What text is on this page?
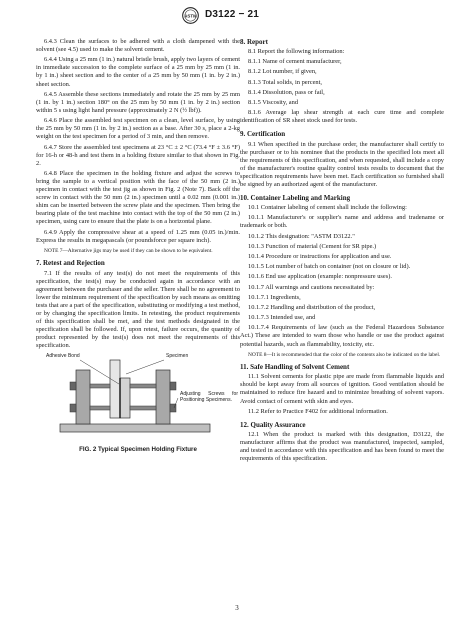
ASTM D3122 − 21

6.4.3 Clean the surfaces to be adhered with a cloth dampened with the solvent (see 4.5) used to make the solvent cement.

6.4.4 Using a 25 mm (1 in.) natural bristle brush, apply two layers of cement in immediate succession to the complete surface of a 25 mm by 25 mm (1 in. by 1 in.) sheet section and to the center of a 25 mm by 50 mm (1 in. by 2 in.) sheet section.

6.4.5 Assemble these sections immediately and rotate the 25 mm by 25 mm (1 in. by 1 in.) section 180° on the 25 mm by 50 mm (1 in. by 2 in.) section within 5 s using light hand pressure (approximately 2 N (½ lbf)).

6.4.6 Place the assembled test specimen on a clean, level surface, by using the 25 mm by 50 mm (1 in. by 2 in.) section as a base. After 30 s, place a 2-kg weight on the test specimen for a period of 3 min, and then remove.

6.4.7 Store the assembled test specimens at 23 °C ± 2 °C (73.4 °F ± 3.6 °F) for 16-h or 48-h and test them in a holding fixture similar to that shown in Fig. 2.

6.4.8 Place the specimen in the holding fixture and adjust the screws to bring the sample to a vertical position with the face of the 50 mm (2 in.) specimen in contact with the test jig as shown in Fig. 2 (Note 7). Back off the screw in contact with the 50 mm (2 in.) specimen until a 0.02 mm (0.001 in.) shim can be inserted between the screw plate and the specimen. Then bring the bearing plate of the test machine into contact with the top of the 50 mm (2 in.) specimen, using care to ensure that the plate is on a horizontal plane.

6.4.9 Apply the compressive shear at a speed of 1.25 mm (0.05 in.)/min. Express the results in megapascals (or poundsforce per square inch).

NOTE 7—Alternative jigs may be used if they can be shown to be equivalent.

7. Retest and Rejection

7.1 If the results of any test(s) do not meet the requirements of this specification, the test(s) may be conducted again in accordance with an agreement between the purchaser and the seller. There shall be no agreement to lower the minimum requirement of the specification by such means as omitting tests that are a part of the specification, substituting or modifying a test method, or by changing the specification limits. In retesting, the product requirements of this specification shall be met, and the test methods designated in the specification shall be followed. If, upon retest, failure occurs, the quantity of product represented by the test(s) does not meet the requirements of this specification.

Adhesive Bond	Specimen
Adjusting Screws for Positioning Specimens.
FIG. 2 Typical Specimen Holding Fixture
8. Report

8.1 Report the following information:

8.1.1 Name of cement manufacturer,

8.1.2 Lot number, if given,

8.1.3 Total solids, in percent,

8.1.4 Dissolution, pass or fail,

8.1.5 Viscosity, and

8.1.6 Average lap shear strength at each cure time and complete identification of SR sheet stock used for tests.

9. Certification

9.1 When specified in the purchase order, the manufacturer shall certify to the purchaser or to his nominee that the products in the specified lots meet all the requirements of this specification, and when requested, shall include a copy of the manufacturer's routine quality control tests results to document that the specification requirements have been met. Each certification so furnished shall be signed by an authorized agent of the manufacturer.

10. Container Labeling and Marking

10.1 Container labeling of cement shall include the following:

10.1.1 Manufacturer's or supplier's name and address and tradename or trademark or both.

10.1.2 This designation: "ASTM D3122."

10.1.3 Function of material (Cement for SR pipe.)

10.1.4 Procedure or instructions for application and use.

10.1.5 Lot number of batch on container (not on closure or lid).

10.1.6 End use application (example: nonpressure uses).

10.1.7 All warnings and cautions necessitated by:

10.1.7.1 Ingredients,

10.1.7.2 Handling and distribution of the product,

10.1.7.3 Intended use, and

10.1.7.4 Requirements of law (such as the Federal Hazardous Substance Act.) These are intended to warn those who handle or use the product against potential hazards, such as flammability, toxicity, etc.

NOTE 8—It is recommended that the color of the contents also be indicated on the label.

11. Safe Handling of Solvent Cement

11.1 Solvent cements for plastic pipe are made from flammable liquids and should be kept away from all sources of ignition. Good ventilation should be maintained to reduce fire hazard and to minimize breathing of solvent vapors. Avoid contact of cement with skin and eyes.

11.2 Refer to Practice F402 for additional information.

12. Quality Assurance

12.1 When the product is marked with this designation, D3122, the manufacturer affirms that the product was manufactured, inspected, sampled, and tested in accordance with this specification and has been found to meet the requirements of this specification.

3
